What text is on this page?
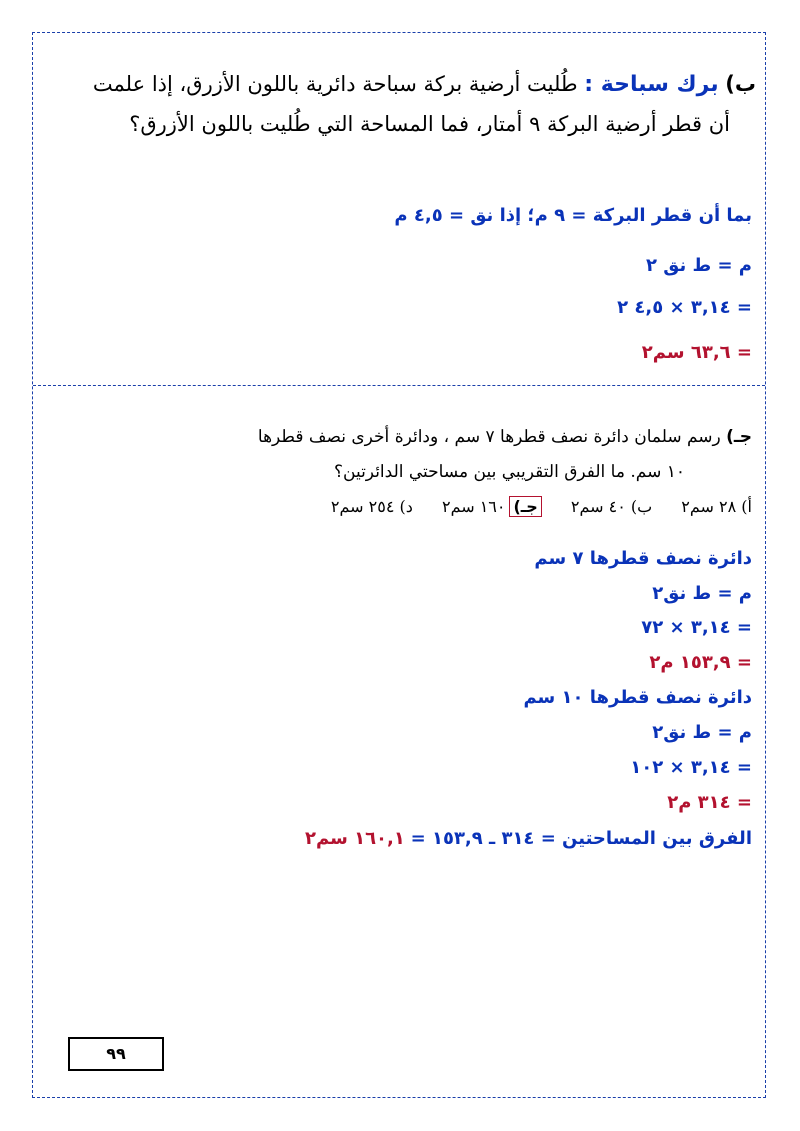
ب) برك سباحة : طُليت أرضية بركة سباحة دائرية باللون الأزرق، إذا علمت
أن قطر أرضية البركة ٩ أمتار، فما المساحة التي طُليت باللون الأزرق؟
بما أن قطر البركة = ٩ م؛ إذا نق = ٤,٥ م
م = ط نق ٢
= ٣,١٤ × ٤,٥ ٢
= ٦٣,٦ سم٢
جـ) رسم سلمان دائرة نصف قطرها ٧ سم ، ودائرة أخرى نصف قطرها
١٠ سم. ما الفرق التقريبي بين مساحتي الدائرتين؟
أ) ٢٨ سم٢ ب) ٤٠ سم٢ جـ)١٦٠ سم٢ د) ٢٥٤ سم٢
دائرة نصف قطرها ٧ سم
م = ط نق٢
= ٣,١٤ × ٧٢
= ١٥٣,٩ م٢
دائرة نصف قطرها ١٠ سم
م = ط نق٢
= ٣,١٤ × ١٠٢
= ٣١٤ م٢
الفرق بين المساحتين = ٣١٤ ـ ١٥٣,٩ = ١٦٠,١ سم٢
٩٩
